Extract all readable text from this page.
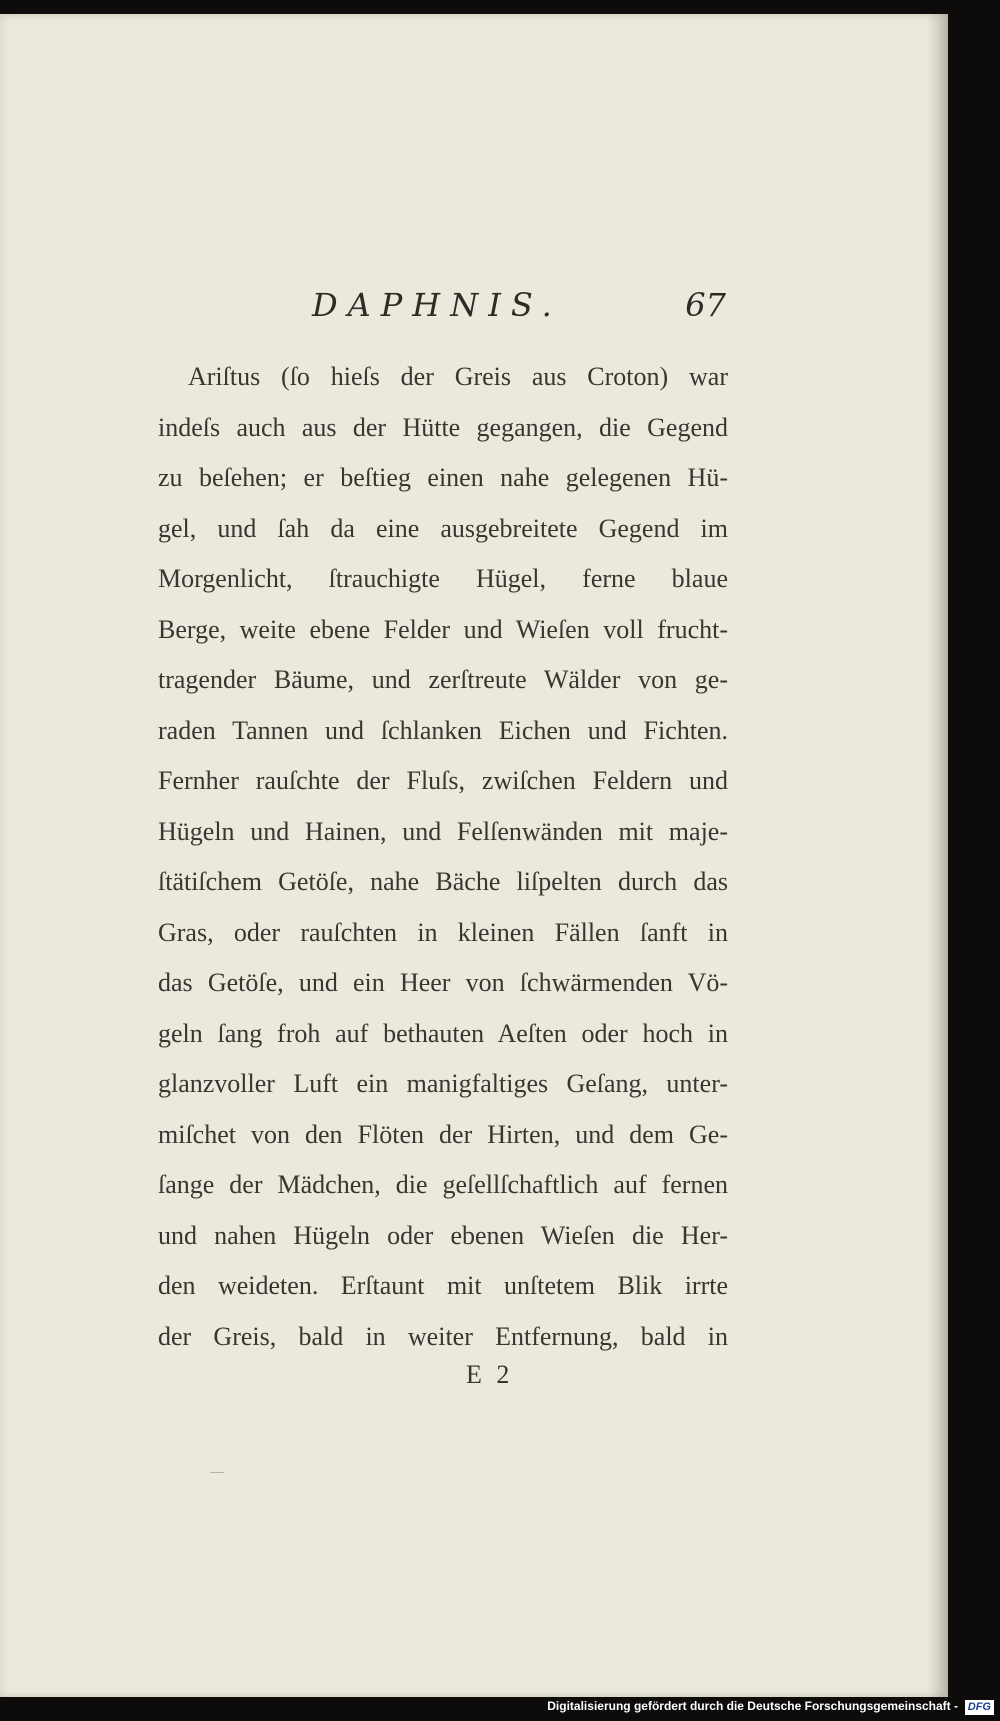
DAPHNIS.	67
Ariſtus (ſo hieſs der Greis aus Croton) war
indeſs auch aus der Hütte gegangen, die Gegend
zu beſehen; er beſtieg einen nahe gelegenen Hü-
gel, und ſah da eine ausgebreitete Gegend im
Morgenlicht, ſtrauchigte Hügel, ferne blaue
Berge, weite ebene Felder und Wieſen voll frucht-
tragender Bäume, und zerſtreute Wälder von ge-
raden Tannen und ſchlanken Eichen und Fichten.
Fernher rauſchte der Fluſs, zwiſchen Feldern und
Hügeln und Hainen, und Felſenwänden mit maje-
ſtätiſchem Getöſe, nahe Bäche liſpelten durch das
Gras, oder rauſchten in kleinen Fällen ſanft in
das Getöſe, und ein Heer von ſchwärmenden Vö-
geln ſang froh auf bethauten Aeſten oder hoch in
glanzvoller Luft ein manigfaltiges Geſang, unter-
miſchet von den Flöten der Hirten, und dem Ge-
ſange der Mädchen, die geſellſchaftlich auf fernen
und nahen Hügeln oder ebenen Wieſen die Her-
den weideten. Erſtaunt mit unſtetem Blik irrte
der Greis, bald in weiter Entfernung, bald in
E 2
Digitalisierung gefördert durch die Deutsche Forschungsgemeinschaft - DFG
